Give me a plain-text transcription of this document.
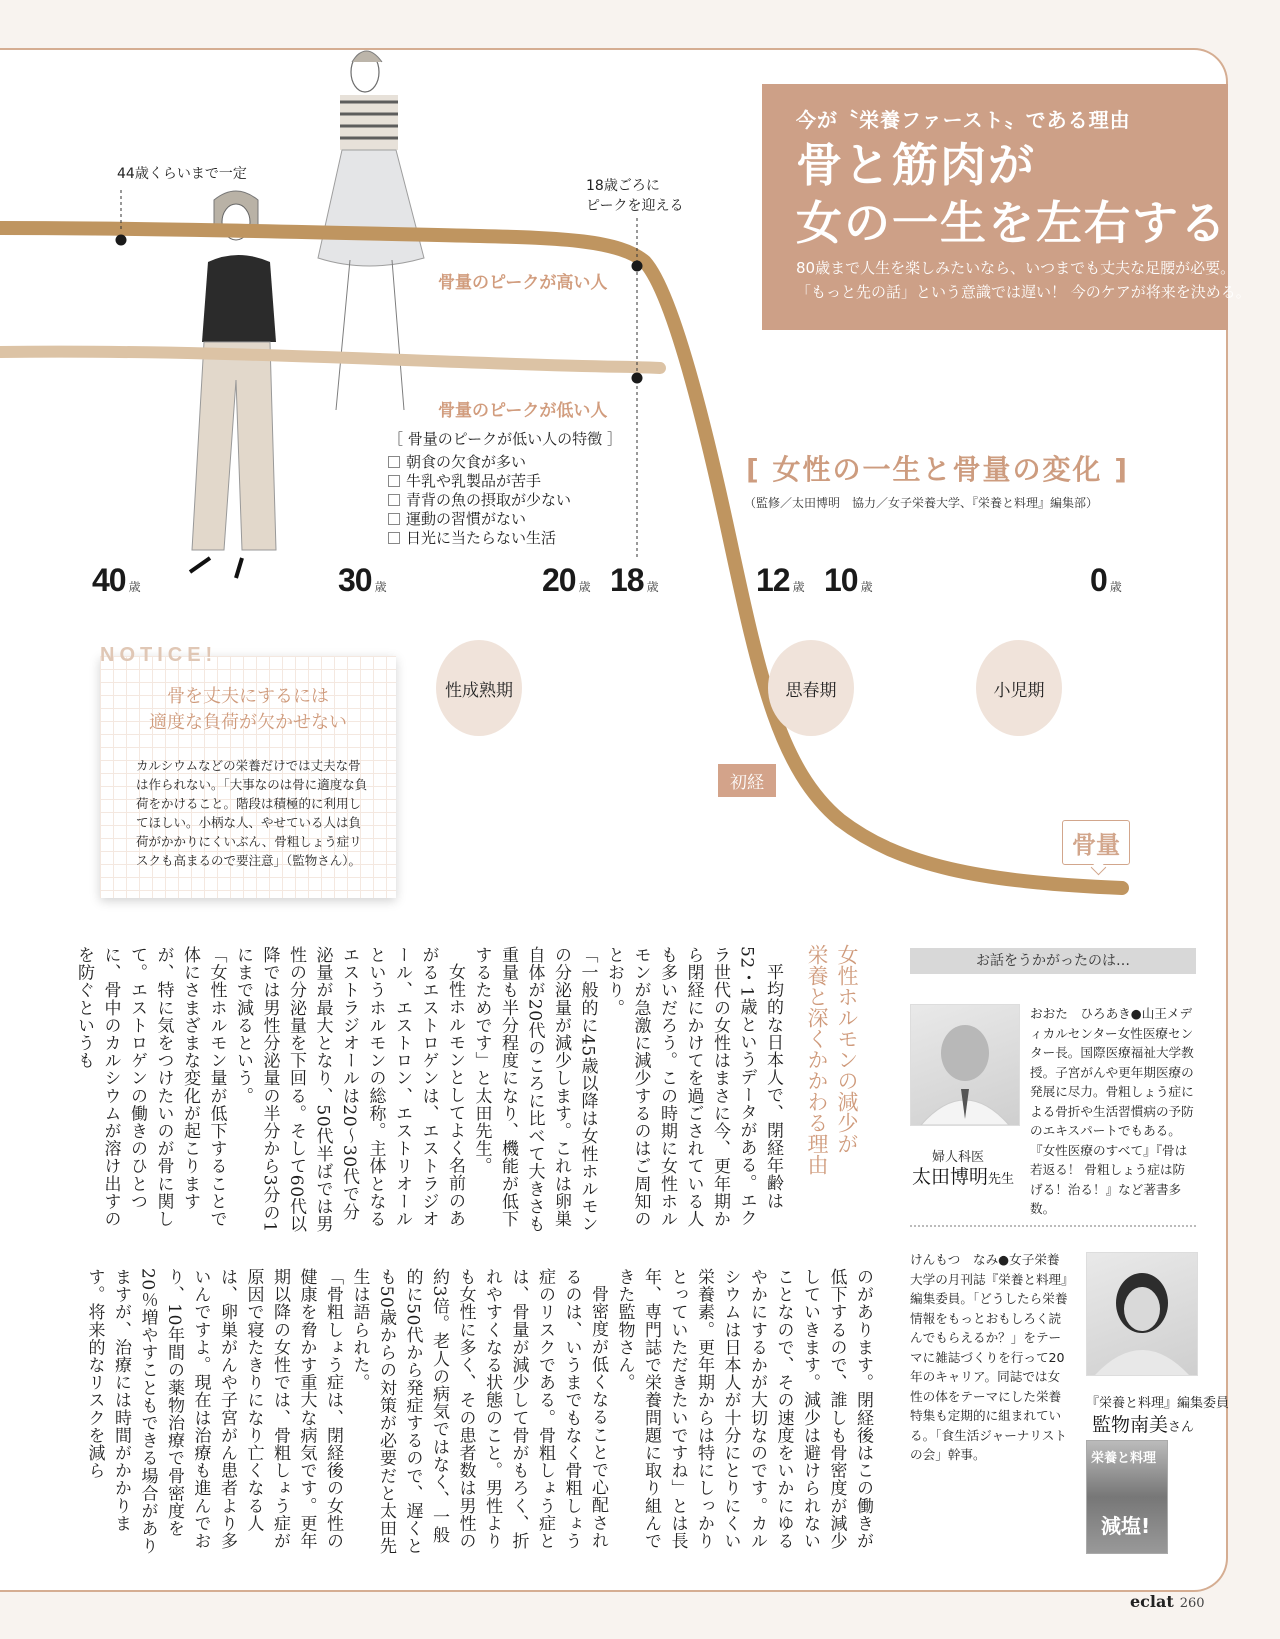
今が〝栄養ファースト〟である理由
骨と筋肉が
女の一生を左右する
80歳まで人生を楽しみたいなら、いつまでも丈夫な足腰が必要。
「もっと先の話」という意識では遅い！ 今のケアが将来を決める。
44歳くらいまで一定
18歳ごろに
ピークを迎える
骨量のピークが高い人
骨量のピークが低い人
［ 骨量のピークが低い人の特徴 ］
朝食の欠食が多い
牛乳や乳製品が苦手
青背の魚の摂取が少ない
運動の習慣がない
日光に当たらない生活
[ 女性の一生と骨量の変化 ]
（監修／太田博明　協力／女子栄養大学、『栄養と料理』編集部）
40 歳	30 歳	20 歳 18 歳	12 歳 10 歳	0 歳
性成熟期	思春期	小児期
初経
骨量
骨を丈夫にするには
適度な負荷が欠かせない
カルシウムなどの栄養だけでは丈夫な骨は作られない。「大事なのは骨に適度な負荷をかけること。階段は積極的に利用してほしい。小柄な人、やせている人は負荷がかかりにくいぶん、骨粗しょう症リスクも高まるので要注意」（監物さん）。
NOTICE!
女性ホルモンの減少が
栄養と深くかかわる理由

平均的な日本人で、閉経年齢は52・1歳というデータがある。エクラ世代の女性はまさに今、更年期から閉経にかけてを過ごされている人も多いだろう。この時期に女性ホルモンが急激に減少するのはご周知のとおり。

「一般的に45歳以降は女性ホルモンの分泌量が減少します。これは卵巣自体が20代のころに比べて大きさも重量も半分程度になり、機能が低下するためです」と太田先生。

女性ホルモンとしてよく名前のあがるエストロゲンは、エストラジオール、エストロン、エストリオールというホルモンの総称。主体となるエストラジオールは20〜30代で分泌量が最大となり、50代半ばでは男性の分泌量を下回る。そして60代以降では男性分泌量の半分から3分の1にまで減るという。

「女性ホルモン量が低下することで体にさまざまな変化が起こりますが、特に気をつけたいのが骨に関して。エストロゲンの働きのひとつに、骨中のカルシウムが溶け出すのを防ぐというも

のがあります。閉経後はこの働きが低下するので、誰しも骨密度が減少していきます。減少は避けられないことなので、その速度をいかにゆるやかにするかが大切なのです。カルシウムは日本人が十分にとりにくい栄養素。更年期からは特にしっかりとっていただきたいですね」とは長年、専門誌で栄養問題に取り組んできた監物さん。

骨密度が低くなることで心配されるのは、いうまでもなく骨粗しょう症のリスクである。骨粗しょう症とは、骨量が減少して骨がもろく、折れやすくなる状態のこと。男性よりも女性に多く、その患者数は男性の約3倍。老人の病気ではなく、一般的に50代から発症するので、遅くとも50歳からの対策が必要だと太田先生は語られた。

「骨粗しょう症は、閉経後の女性の健康を脅かす重大な病気です。更年期以降の女性では、骨粗しょう症が原因で寝たきりになり亡くなる人は、卵巣がんや子宮がん患者より多いんですよ。現在は治療も進んでおり、10年間の薬物治療で骨密度を20％増やすこともできる場合がありますが、治療には時間がかかります。将来的なリスクを減ら

お話をうかがったのは…
おおた　ひろあき●山王メディカルセンター女性医療センター長。国際医療福祉大学教授。子宮がんや更年期医療の発展に尽力。骨粗しょう症による骨折や生活習慣病の予防のエキスパートでもある。『女性医療のすべて』『骨は若返る！ 骨粗しょう症は防げる！治る！』など著書多数。
婦人科医
太田博明先生
けんもつ　なみ●女子栄養大学の月刊誌『栄養と料理』編集委員。「どうしたら栄養情報をもっとおもしろく読んでもらえるか？」をテーマに雑誌づくりを行って20年のキャリア。同誌では女性の体をテーマにした栄養特集も定期的に組まれている。「食生活ジャーナリストの会」幹事。
『栄養と料理』編集委員
監物南美さん
栄養と料理
減塩!
eclat 260
